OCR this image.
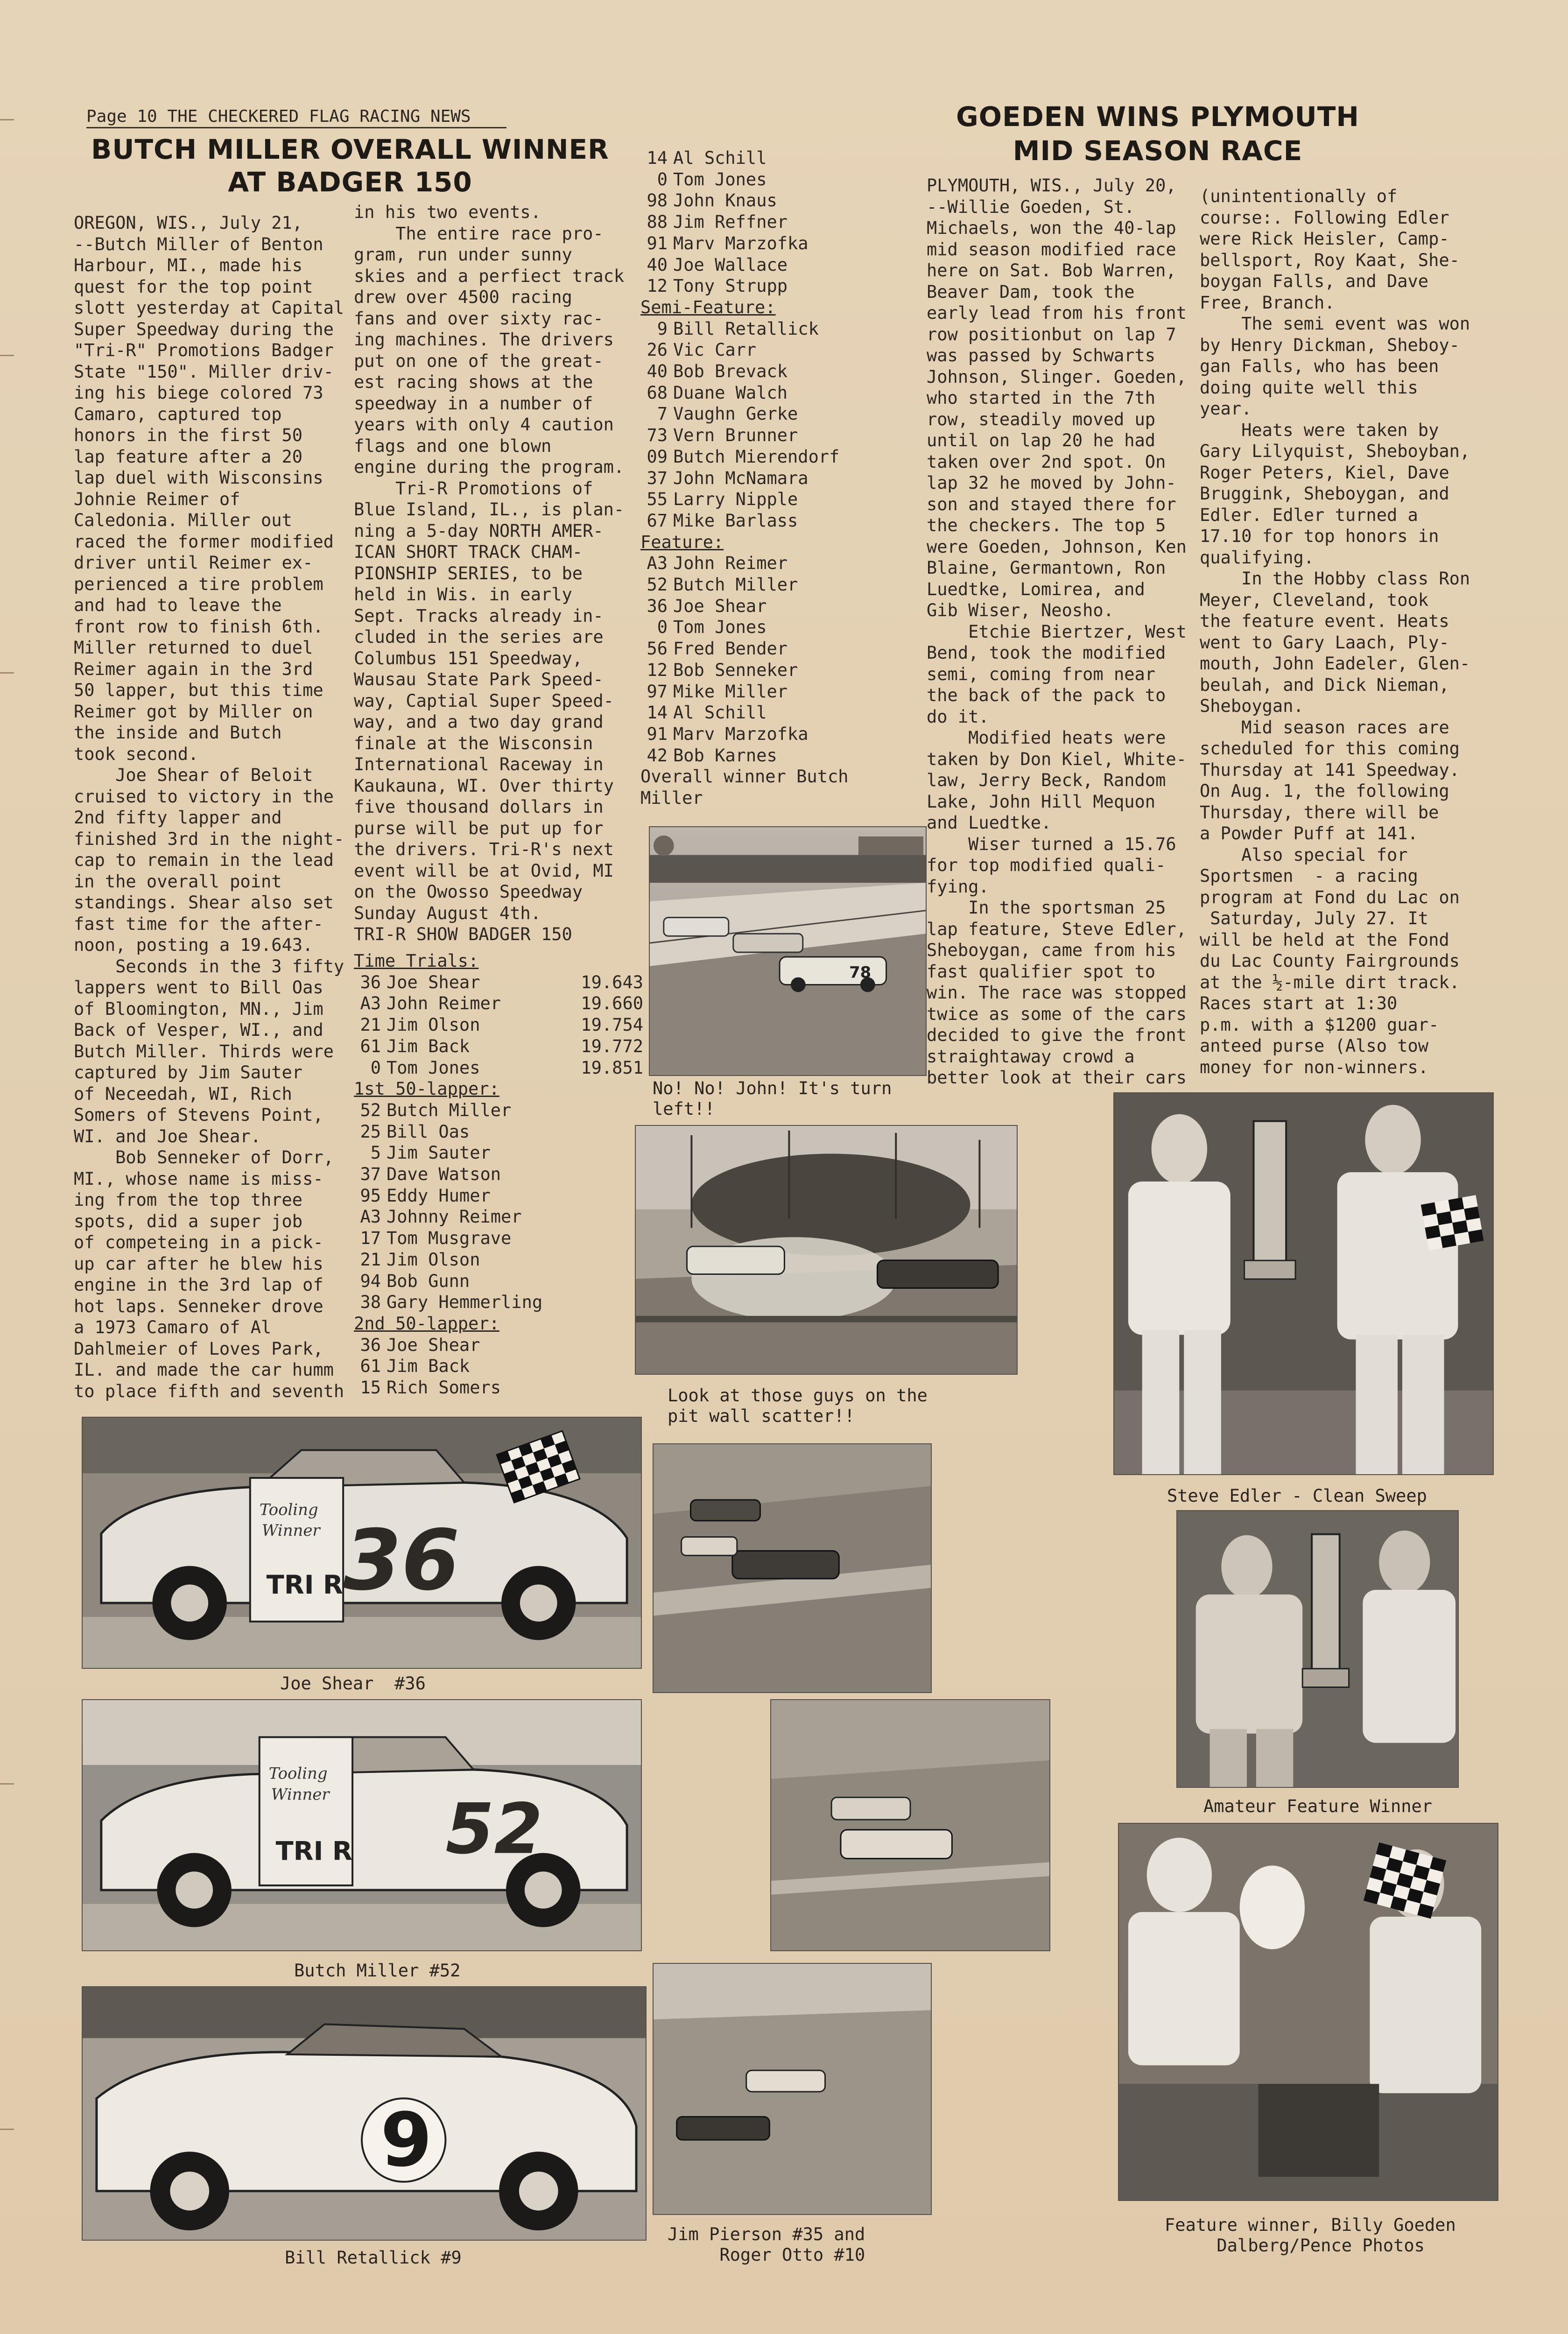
Page 10 THE CHECKERED FLAG RACING NEWS
BUTCH MILLER OVERALL WINNER
AT BADGER 150
OREGON, WIS., July 21,
--Butch Miller of Benton
Harbour, MI., made his
quest for the top point
slott yesterday at Capital
Super Speedway during the
"Tri-R" Promotions Badger
State "150". Miller driv-
ing his biege colored 73
Camaro, captured top
honors in the first 50
lap feature after a 20
lap duel with Wisconsins
Johnie Reimer of
Caledonia. Miller out
raced the former modified
driver until Reimer ex-
perienced a tire problem
and had to leave the
front row to finish 6th.
Miller returned to duel
Reimer again in the 3rd
50 lapper, but this time
Reimer got by Miller on
the inside and Butch
took second.
Joe Shear of Beloit
cruised to victory in the
2nd fifty lapper and
finished 3rd in the night-
cap to remain in the lead
in the overall point
standings. Shear also set
fast time for the after-
noon, posting a 19.643.
Seconds in the 3 fifty
lappers went to Bill Oas
of Bloomington, MN., Jim
Back of Vesper, WI., and
Butch Miller. Thirds were
captured by Jim Sauter
of Neceedah, WI, Rich
Somers of Stevens Point,
WI. and Joe Shear.
Bob Senneker of Dorr,
MI., whose name is miss-
ing from the top three
spots, did a super job
of competeing in a pick-
up car after he blew his
engine in the 3rd lap of
hot laps. Senneker drove
a 1973 Camaro of Al
Dahlmeier of Loves Park,
IL. and made the car humm
to place fifth and seventh
in his two events.
The entire race pro-
gram, run under sunny
skies and a perfiect track
drew over 4500 racing
fans and over sixty rac-
ing machines. The drivers
put on one of the great-
est racing shows at the
speedway in a number of
years with only 4 caution
flags and one blown
engine during the program.
Tri-R Promotions of
Blue Island, IL., is plan-
ning a 5-day NORTH AMER-
ICAN SHORT TRACK CHAM-
PIONSHIP SERIES, to be
held in Wis. in early
Sept. Tracks already in-
cluded in the series are
Columbus 151 Speedway,
Wausau State Park Speed-
way, Captial Super Speed-
way, and a two day grand
finale at the Wisconsin
International Raceway in
Kaukauna, WI. Over thirty
five thousand dollars in
purse will be put up for
the drivers. Tri-R's next
event will be at Ovid, MI
on the Owosso Speedway
Sunday August 4th.
TRI-R SHOW BADGER 150
Time Trials:
36 Joe Shear	19.643
A3 John Reimer	19.660
21 Jim Olson	19.754
61 Jim Back	19.772
0 Tom Jones	19.851
1st 50-lapper:
52 Butch Miller
25 Bill Oas
5 Jim Sauter
37 Dave Watson
95 Eddy Humer
A3 Johnny Reimer
17 Tom Musgrave
21 Jim Olson
94 Bob Gunn
38 Gary Hemmerling
2nd 50-lapper:
36 Joe Shear
61 Jim Back
15 Rich Somers
14 Al Schill
0 Tom Jones
98 John Knaus
88 Jim Reffner
91 Marv Marzofka
40 Joe Wallace
12 Tony Strupp
Semi-Feature:
9 Bill Retallick
26 Vic Carr
40 Bob Brevack
68 Duane Walch
7 Vaughn Gerke
73 Vern Brunner
09 Butch Mierendorf
37 John McNamara
55 Larry Nipple
67 Mike Barlass
Feature:
A3 John Reimer
52 Butch Miller
36 Joe Shear
0 Tom Jones
56 Fred Bender
12 Bob Senneker
97 Mike Miller
14 Al Schill
91 Marv Marzofka
42 Bob Karnes
Overall winner Butch
Miller
GOEDEN WINS PLYMOUTH
MID SEASON RACE
PLYMOUTH, WIS., July 20,
--Willie Goeden, St.
Michaels, won the 40-lap
mid season modified race
here on Sat. Bob Warren,
Beaver Dam, took the
early lead from his front
row positionbut on lap 7
was passed by Schwarts
Johnson, Slinger. Goeden,
who started in the 7th
row, steadily moved up
until on lap 20 he had
taken over 2nd spot. On
lap 32 he moved by John-
son and stayed there for
the checkers. The top 5
were Goeden, Johnson, Ken
Blaine, Germantown, Ron
Luedtke, Lomirea, and
Gib Wiser, Neosho.
Etchie Biertzer, West
Bend, took the modified
semi, coming from near
the back of the pack to
do it.
Modified heats were
taken by Don Kiel, White-
law, Jerry Beck, Random
Lake, John Hill Mequon
and Luedtke.
Wiser turned a 15.76
for top modified quali-
fying.
In the sportsman 25
lap feature, Steve Edler,
Sheboygan, came from his
fast qualifier spot to
win. The race was stopped
twice as some of the cars
decided to give the front
straightaway crowd a
better look at their cars
(unintentionally of
course:. Following Edler
were Rick Heisler, Camp-
bellsport, Roy Kaat, She-
boygan Falls, and Dave
Free, Branch.
The semi event was won
by Henry Dickman, Sheboy-
gan Falls, who has been
doing quite well this
year.
Heats were taken by
Gary Lilyquist, Sheboyban,
Roger Peters, Kiel, Dave
Bruggink, Sheboygan, and
Edler. Edler turned a
17.10 for top honors in
qualifying.
In the Hobby class Ron
Meyer, Cleveland, took
the feature event. Heats
went to Gary Laach, Ply-
mouth, John Eadeler, Glen-
beulah, and Dick Nieman,
Sheboygan.
Mid season races are
scheduled for this coming
Thursday at 141 Speedway.
On Aug. 1, the following
Thursday, there will be
a Powder Puff at 141.
Also special for
Sportsmen  - a racing
program at Fond du Lac on
Saturday, July 27. It
will be held at the Fond
du Lac County Fairgrounds
at the ½-mile dirt track.
Races start at 1:30
p.m. with a $1200 guar-
anteed purse (Also tow
money for non-winners.
78
No! No! John! It's turn
left!!
Look at those guys on the
pit wall scatter!!
36
Tooling
Winner
TRI R
Joe Shear  #36
52
Tooling
Winner
TRI R
Butch Miller #52
9
Bill Retallick #9
Jim Pierson #35 and
Roger Otto #10
Steve Edler - Clean Sweep
Amateur Feature Winner
Feature winner, Billy Goeden
Dalberg/Pence Photos
